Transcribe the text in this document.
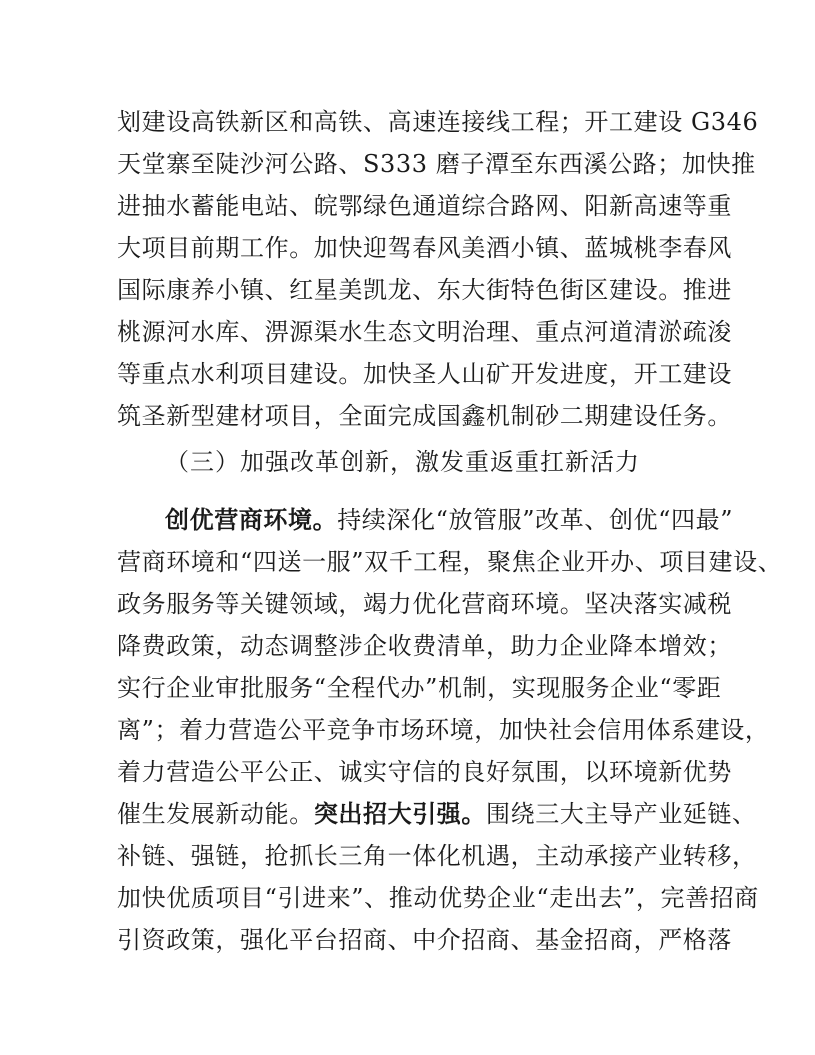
划建设高铁新区和高铁、高速连接线工程；开工建设 G346
天堂寨至陡沙河公路、S333 磨子潭至东西溪公路；加快推
进抽水蓄能电站、皖鄂绿色通道综合路网、阳新高速等重
大项目前期工作。加快迎驾春风美酒小镇、蓝城桃李春风
国际康养小镇、红星美凯龙、东大街特色街区建设。推进
桃源河水库、淠源渠水生态文明治理、重点河道清淤疏浚
等重点水利项目建设。加快圣人山矿开发进度，开工建设
筑圣新型建材项目，全面完成国鑫机制砂二期建设任务。
（三）加强改革创新，激发重返重扛新活力
创优营商环境。持续深化“放管服”改革、创优“四最”
营商环境和“四送一服”双千工程，聚焦企业开办、项目建设、
政务服务等关键领域，竭力优化营商环境。坚决落实减税
降费政策，动态调整涉企收费清单，助力企业降本增效；
实行企业审批服务“全程代办”机制，实现服务企业“零距
离”；着力营造公平竞争市场环境，加快社会信用体系建设，
着力营造公平公正、诚实守信的良好氛围，以环境新优势
催生发展新动能。突出招大引强。围绕三大主导产业延链、
补链、强链，抢抓长三角一体化机遇，主动承接产业转移，
加快优质项目“引进来”、推动优势企业“走出去”，完善招商
引资政策，强化平台招商、中介招商、基金招商，严格落
